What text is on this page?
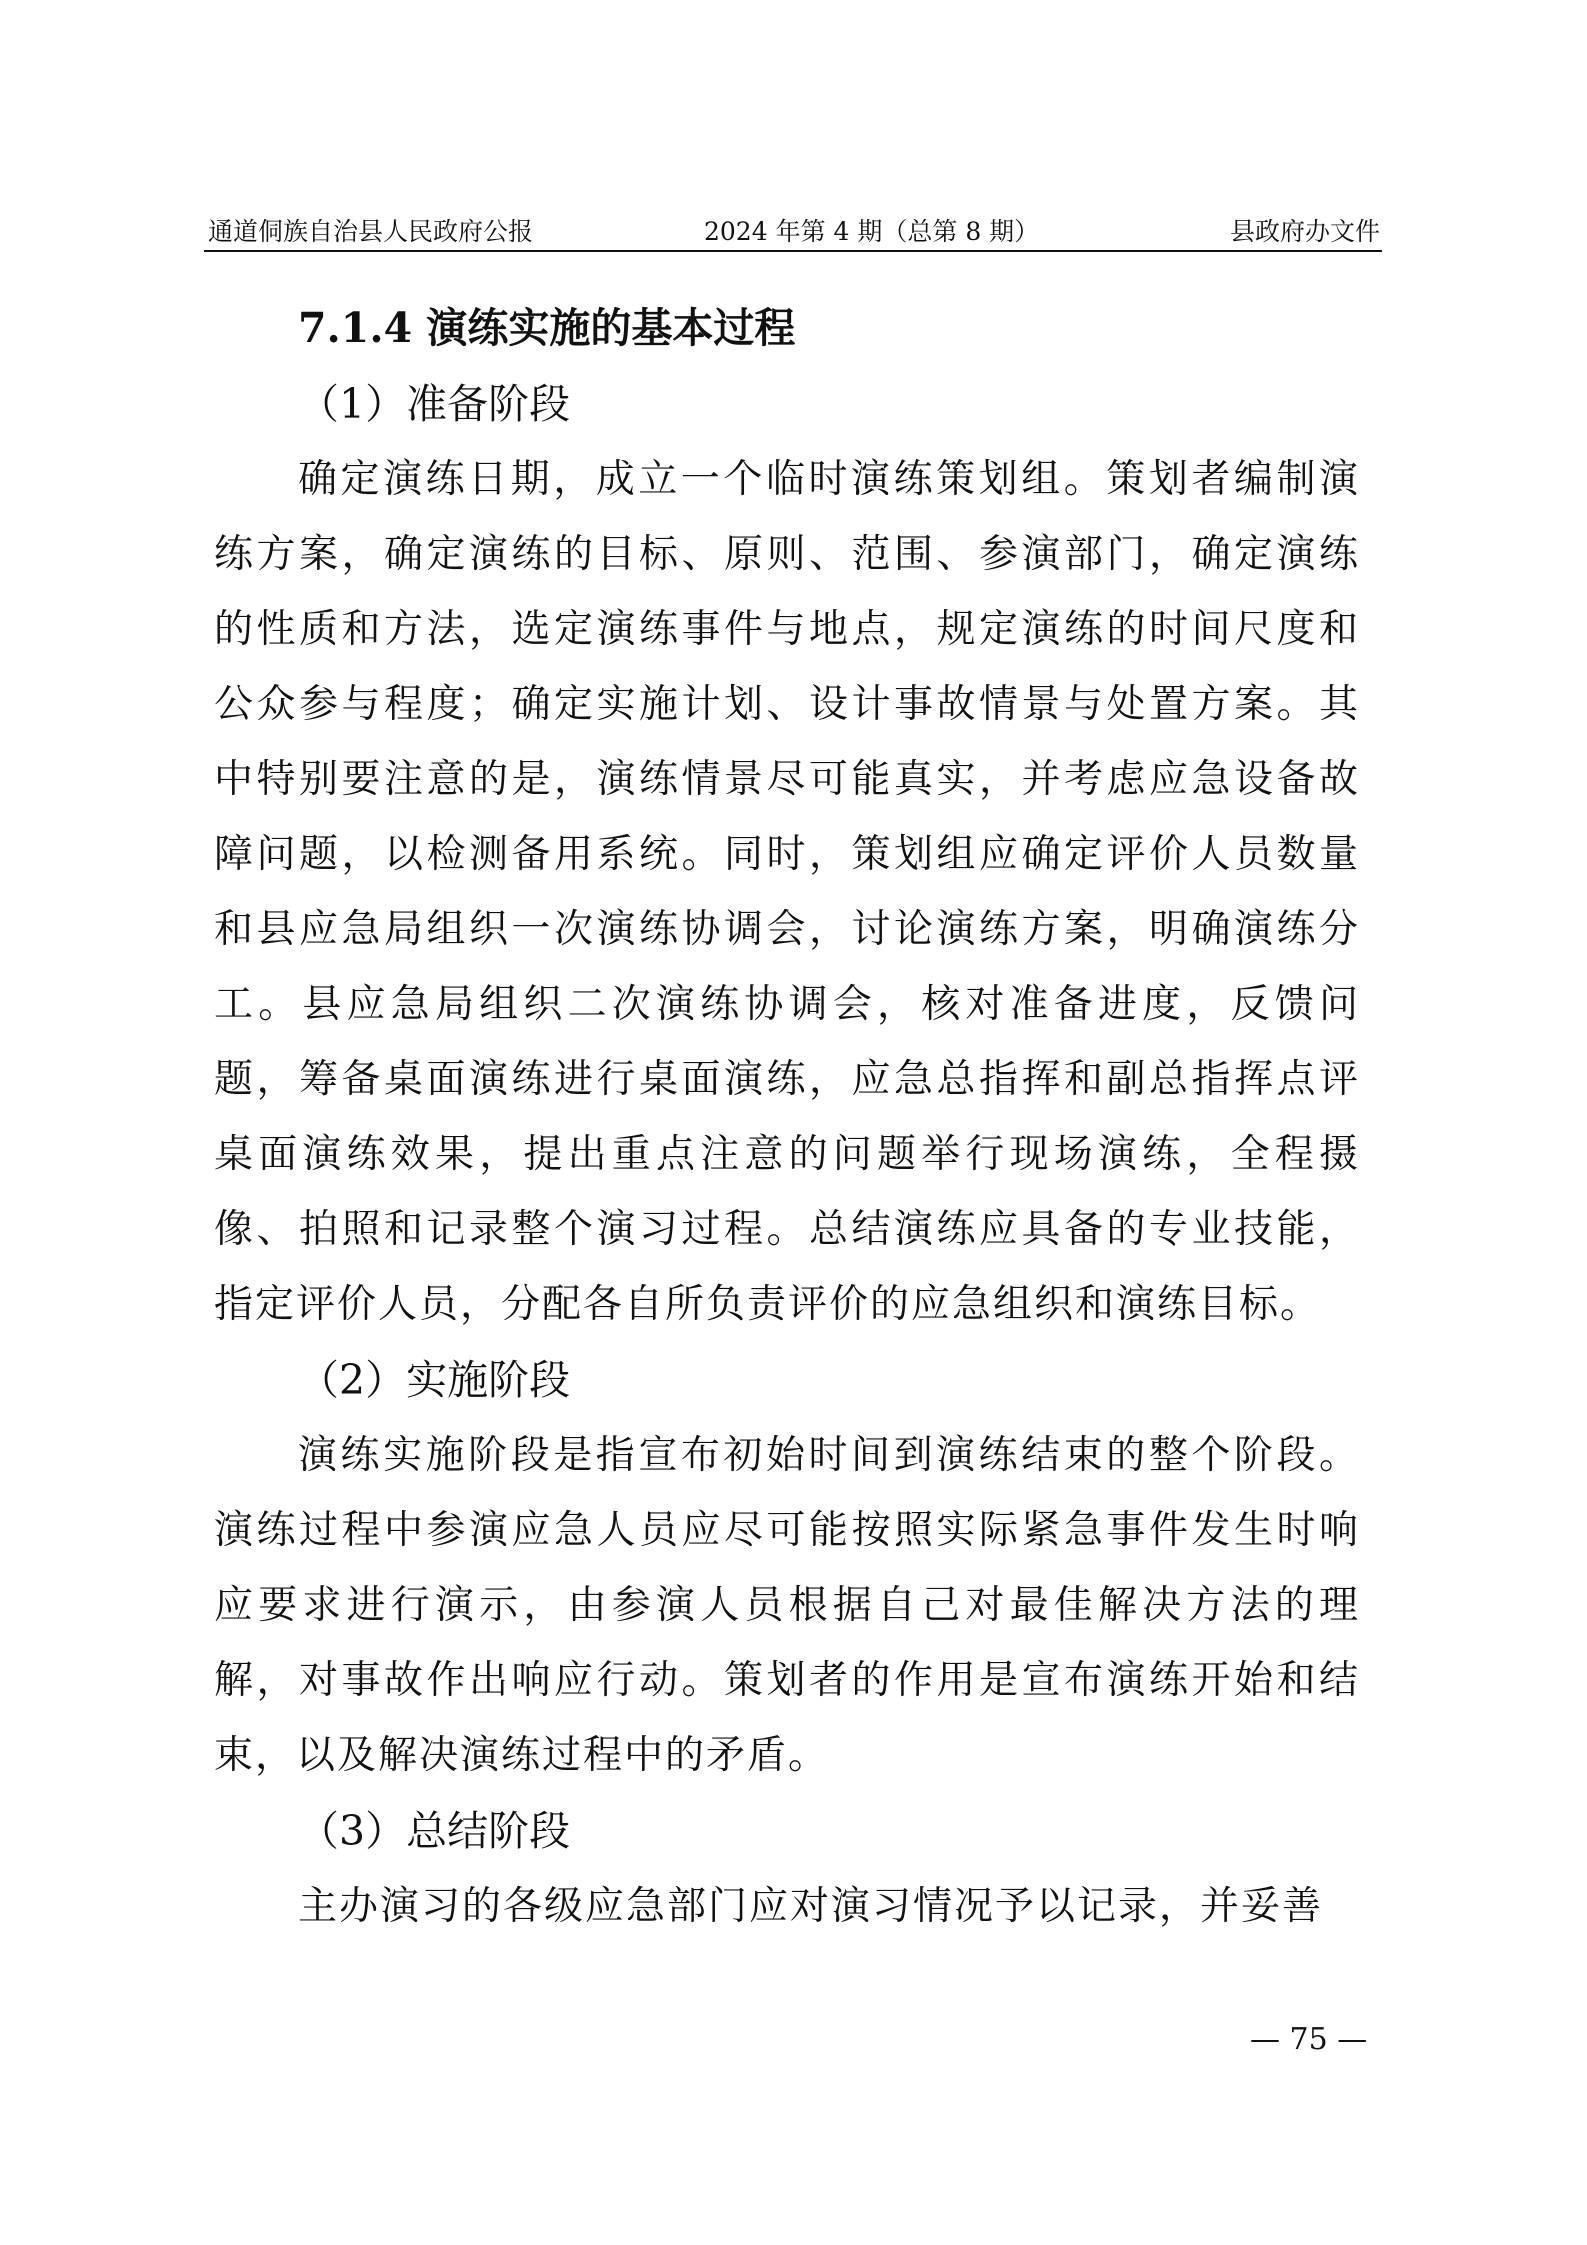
通道侗族自治县人民政府公报	2024 年第 4 期（总第 8 期）	县政府办文件
7.1.4 演练实施的基本过程
（1）准备阶段

确定演练日期，成立一个临时演练策划组。策划者编制演练方案，确定演练的目标、原则、范围、参演部门，确定演练的性质和方法，选定演练事件与地点，规定演练的时间尺度和公众参与程度；确定实施计划、设计事故情景与处置方案。其中特别要注意的是，演练情景尽可能真实，并考虑应急设备故障问题，以检测备用系统。同时，策划组应确定评价人员数量和县应急局组织一次演练协调会，讨论演练方案，明确演练分工。县应急局组织二次演练协调会，核对准备进度，反馈问题，筹备桌面演练进行桌面演练，应急总指挥和副总指挥点评桌面演练效果，提出重点注意的问题举行现场演练，全程摄像、拍照和记录整个演习过程。总结演练应具备的专业技能，指定评价人员，分配各自所负责评价的应急组织和演练目标。

（2）实施阶段

演练实施阶段是指宣布初始时间到演练结束的整个阶段。演练过程中参演应急人员应尽可能按照实际紧急事件发生时响应要求进行演示，由参演人员根据自己对最佳解决方法的理解，对事故作出响应行动。策划者的作用是宣布演练开始和结束，以及解决演练过程中的矛盾。

（3）总结阶段

主办演习的各级应急部门应对演习情况予以记录，并妥善

— 75 —
